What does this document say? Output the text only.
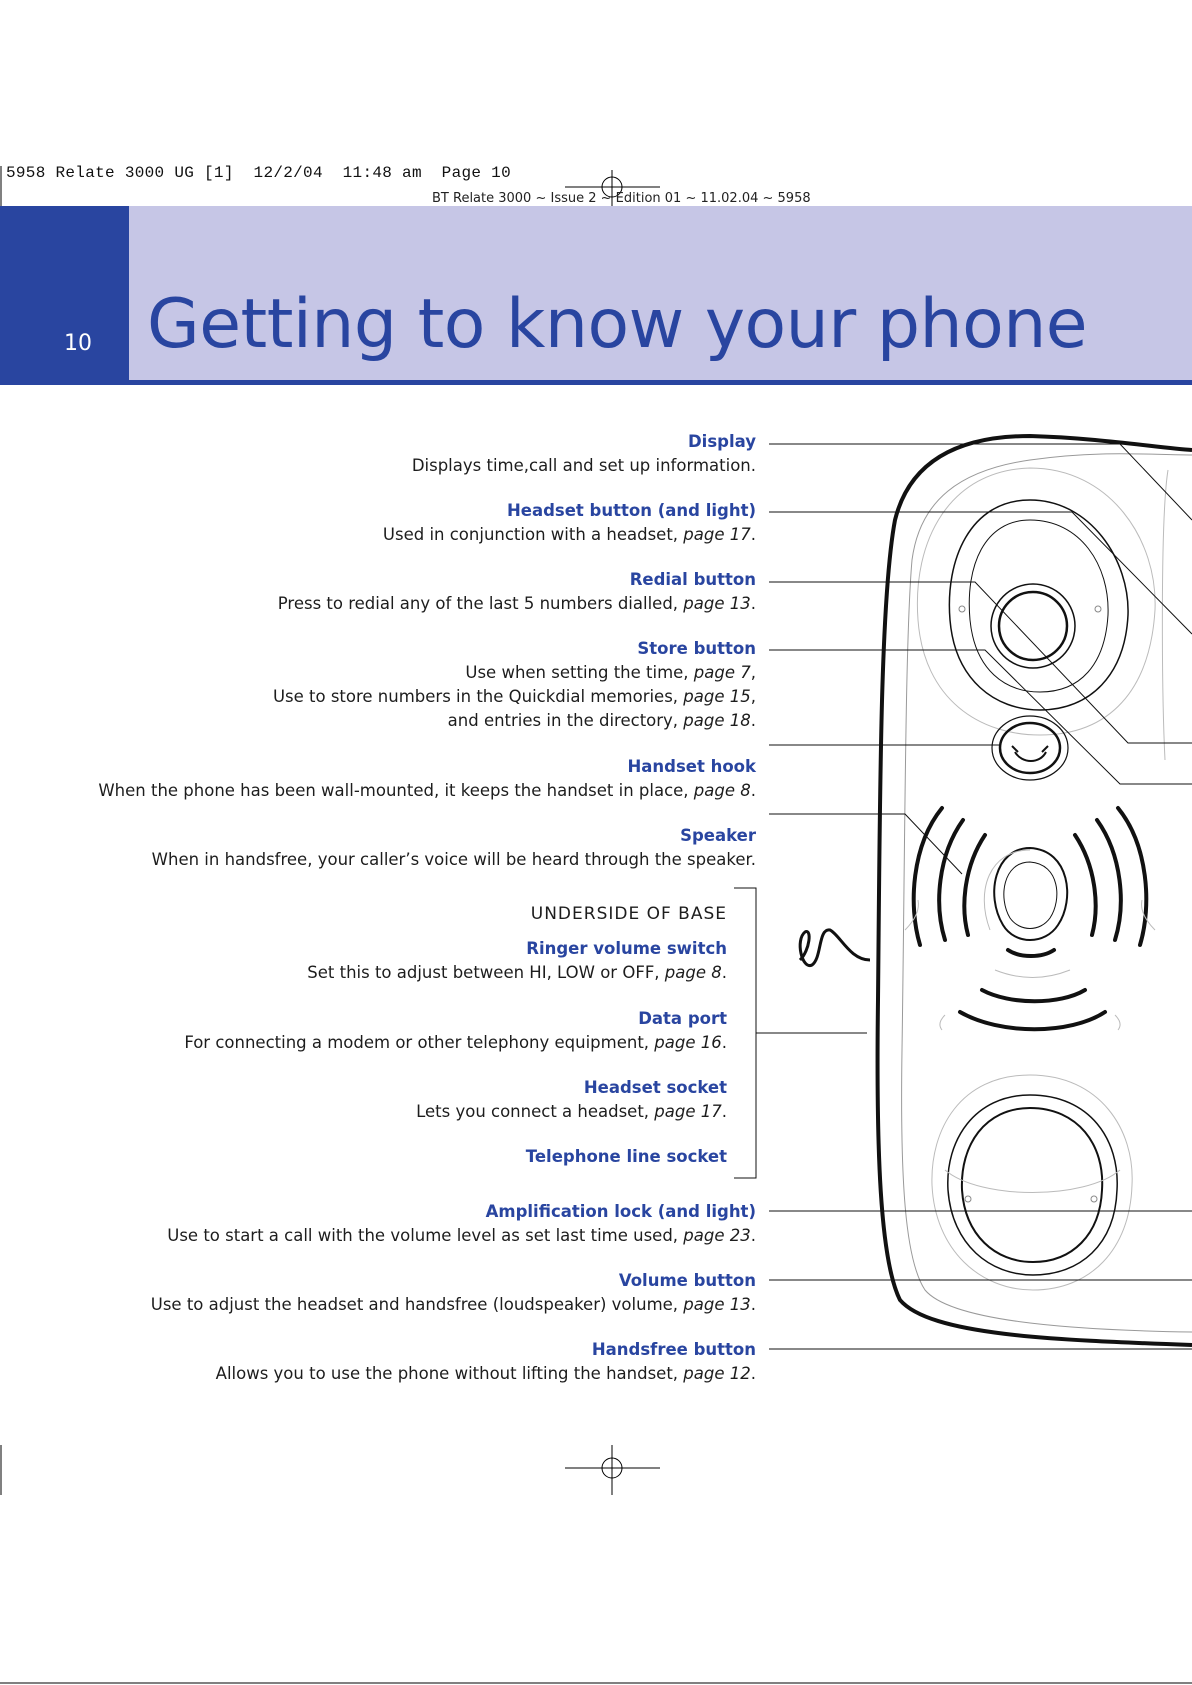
5958 Relate 3000 UG [1]  12/2/04  11:48 am  Page 10
BT Relate 3000 ~ Issue 2 ~ Edition 01 ~ 11.02.04 ~ 5958
10 Getting to know your phone
Display
Displays time,call and set up information.
Headset button (and light)
Used in conjunction with a headset, page 17.
Redial button
Press to redial any of the last 5 numbers dialled, page 13.
Store button
Use when setting the time, page 7,
Use to store numbers in the Quickdial memories, page 15,
and entries in the directory, page 18.
Handset hook
When the phone has been wall-mounted, it keeps the handset in place, page 8.
Speaker
When in handsfree, your caller’s voice will be heard through the speaker.
UNDERSIDE OF BASE
Ringer volume switch
Set this to adjust between HI, LOW or OFF, page 8.
Data port
For connecting a modem or other telephony equipment, page 16.
Headset socket
Lets you connect a headset, page 17.
Telephone line socket
Amplification lock (and light)
Use to start a call with the volume level as set last time used, page 23.
Volume button
Use to adjust the headset and handsfree (loudspeaker) volume, page 13.
Handsfree button
Allows you to use the phone without lifting the handset, page 12.
